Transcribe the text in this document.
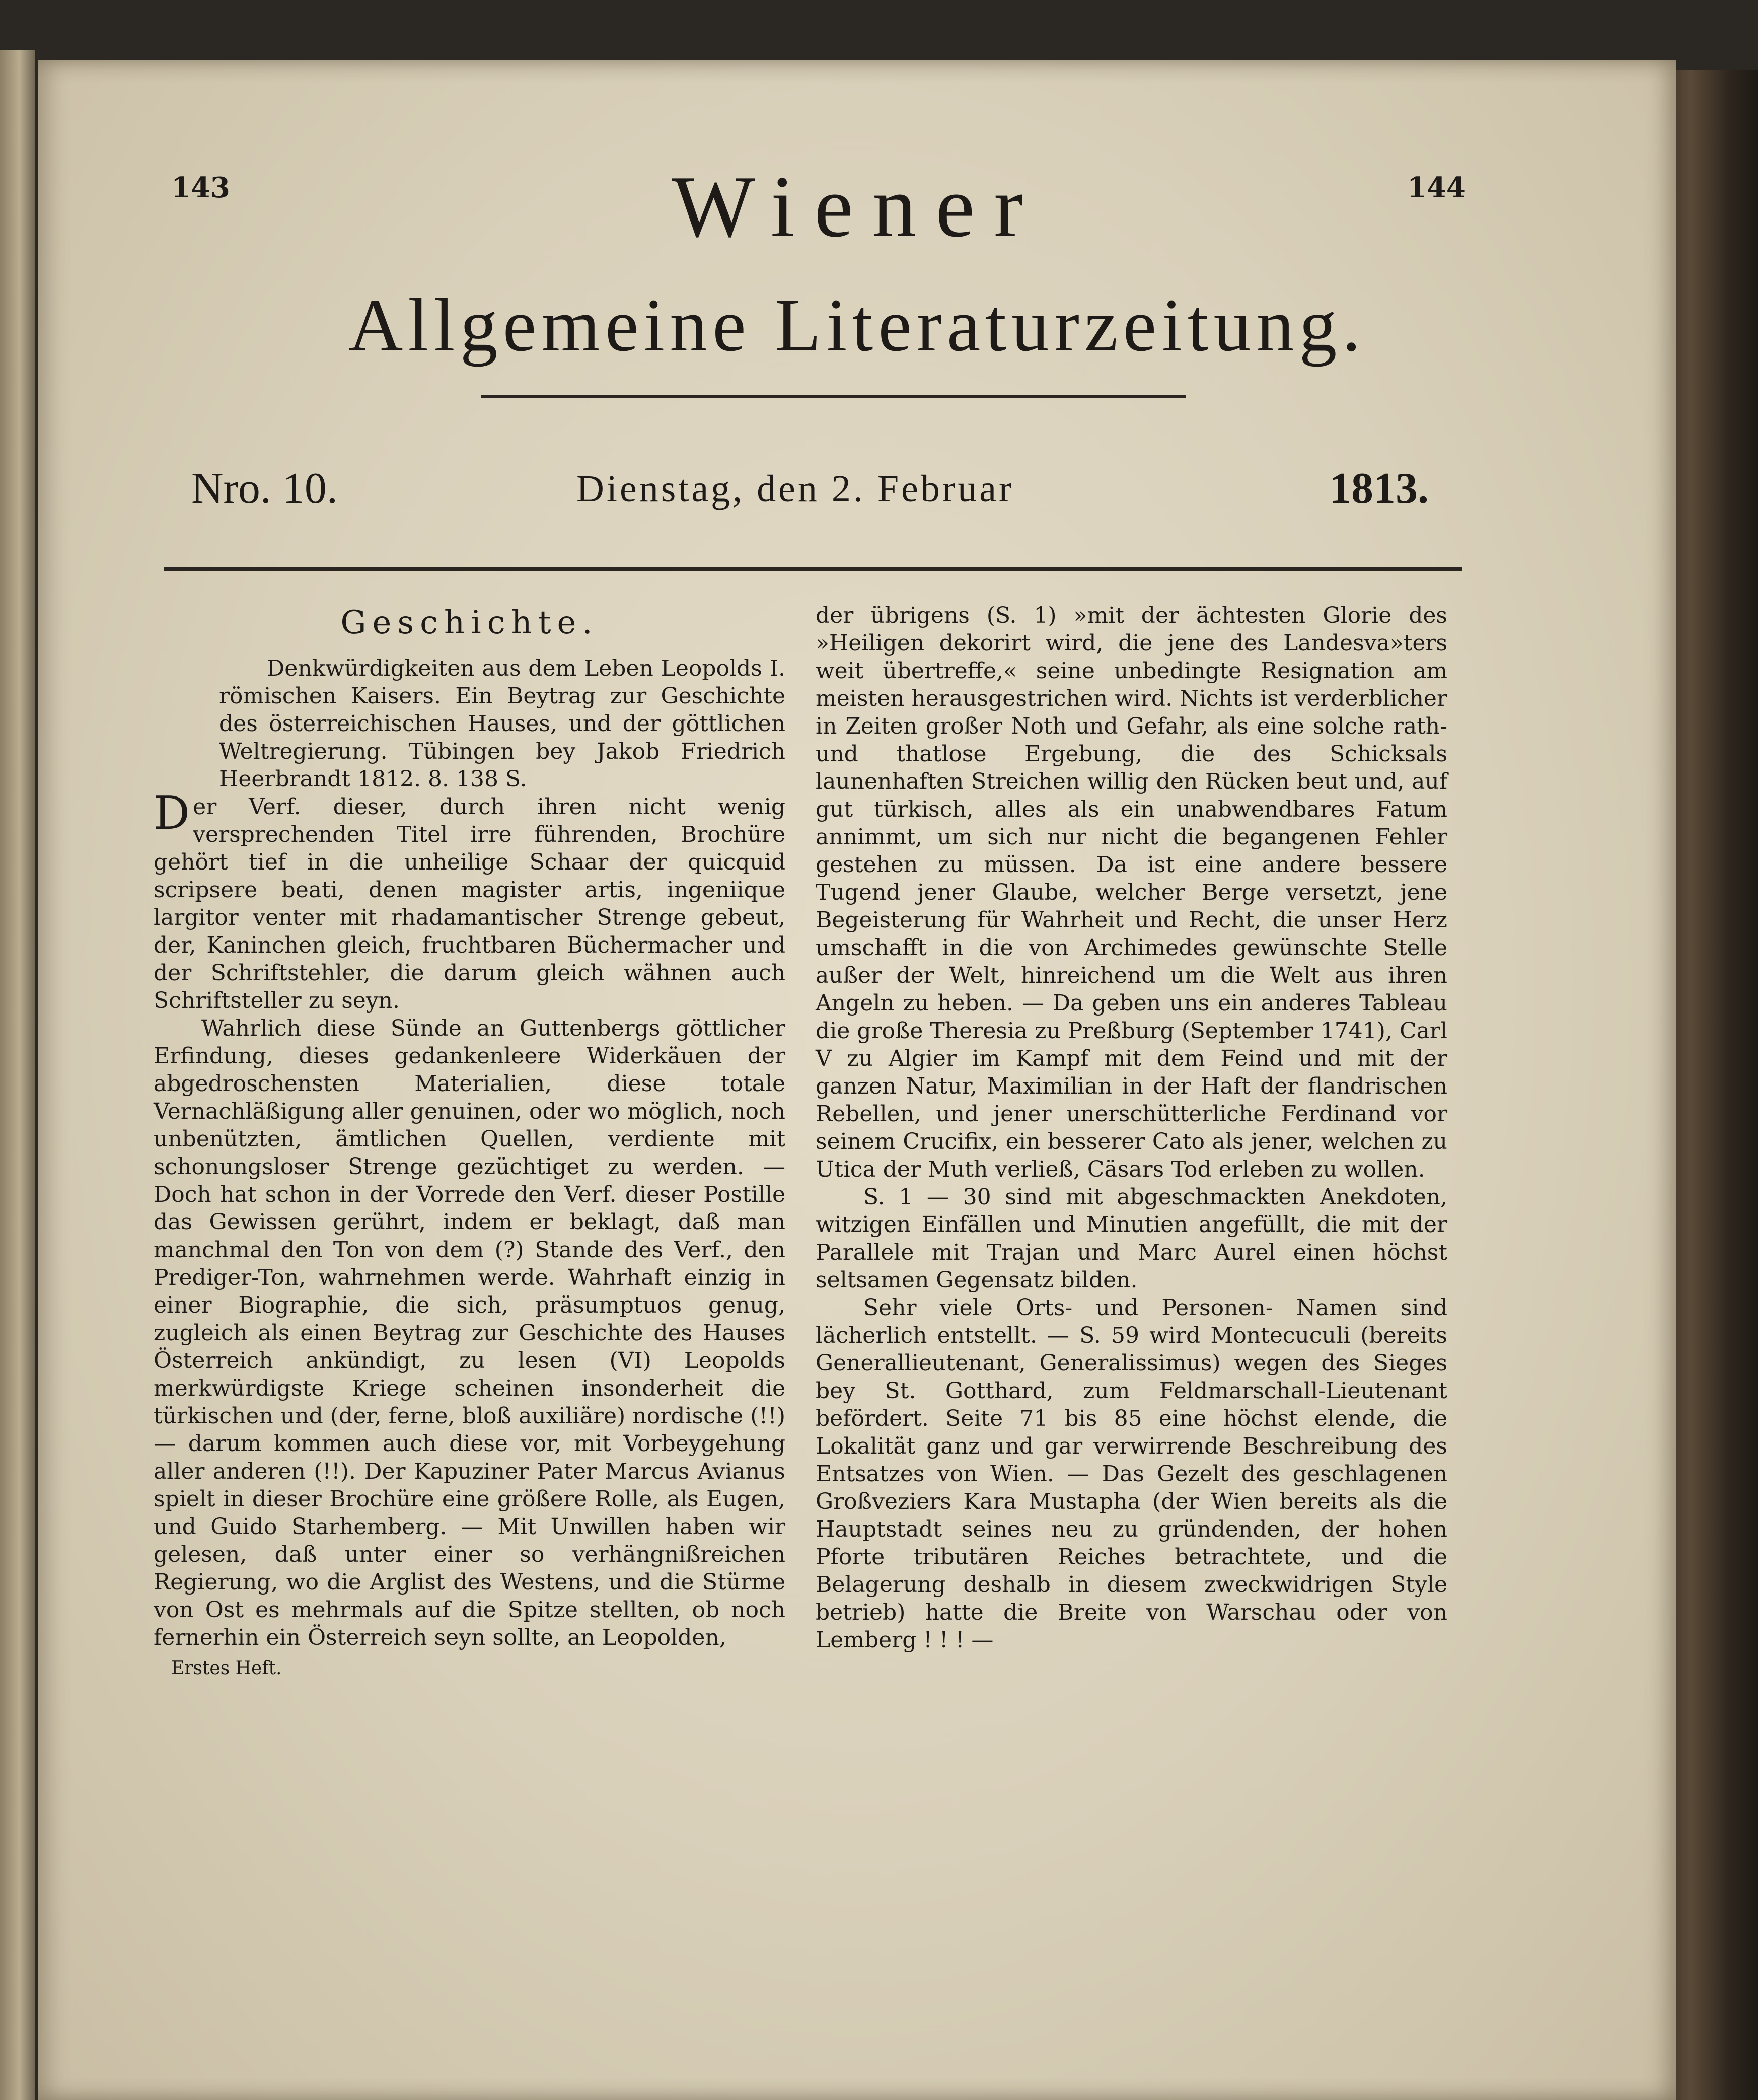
143	144
Wiener
Allgemeine Literaturzeitung.
Nro. 10.	Dienstag, den 2. Februar	1813.
Geschichte.

Denkwürdigkeiten aus dem Leben Leopolds I. römischen Kaisers. Ein Beytrag zur Geschichte des österreichischen Hauses, und der göttlichen Weltregierung. Tübingen bey Jakob Friedrich Heerbrandt 1812. 8. 138 S.

Der Verf. dieser, durch ihren nicht wenig versprechenden Titel irre führenden, Brochüre gehört tief in die unheilige Schaar der quicquid scripsere beati, denen magister artis, ingeniique largitor venter mit rhadamantischer Strenge gebeut, der, Kaninchen gleich, fruchtbaren Büchermacher und der Schriftstehler, die darum gleich wähnen auch Schriftsteller zu seyn.

Wahrlich diese Sünde an Guttenbergs göttlicher Erfindung, dieses gedankenleere Widerkäuen der abgedroschensten Materialien, diese totale Vernachläßigung aller genuinen, oder wo möglich, noch unbenützten, ämtlichen Quellen, verdiente mit schonungsloser Strenge gezüchtiget zu werden. — Doch hat schon in der Vorrede den Verf. dieser Postille das Gewissen gerührt, indem er beklagt, daß man manchmal den Ton von dem (?) Stande des Verf., den Prediger-Ton, wahrnehmen werde. Wahrhaft einzig in einer Biographie, die sich, präsumptuos genug, zugleich als einen Beytrag zur Geschichte des Hauses Österreich ankündigt, zu lesen (VI) Leopolds merkwürdigste Kriege scheinen insonderheit die türkischen und (der, ferne, bloß auxiliäre) nordische (!!) — darum kommen auch diese vor, mit Vorbeygehung aller anderen (!!). Der Kapuziner Pater Marcus Avianus spielt in dieser Brochüre eine größere Rolle, als Eugen, und Guido Starhemberg. — Mit Unwillen haben wir gelesen, daß unter einer so verhängnißreichen Regierung, wo die Arglist des Westens, und die Stürme von Ost es mehrmals auf die Spitze stellten, ob noch fernerhin ein Österreich seyn sollte, an Leopolden,

Erstes Heft.

der übrigens (S. 1) »mit der ächtesten Glorie des »Heiligen dekorirt wird, die jene des Landesva»ters weit übertreffe,« seine unbedingte Resignation am meisten herausgestrichen wird. Nichts ist verderblicher in Zeiten großer Noth und Gefahr, als eine solche rath- und thatlose Ergebung, die des Schicksals launenhaften Streichen willig den Rücken beut und, auf gut türkisch, alles als ein unabwendbares Fatum annimmt, um sich nur nicht die begangenen Fehler gestehen zu müssen. Da ist eine andere bessere Tugend jener Glaube, welcher Berge versetzt, jene Begeisterung für Wahrheit und Recht, die unser Herz umschafft in die von Archimedes gewünschte Stelle außer der Welt, hinreichend um die Welt aus ihren Angeln zu heben. — Da geben uns ein anderes Tableau die große Theresia zu Preßburg (September 1741), Carl V zu Algier im Kampf mit dem Feind und mit der ganzen Natur, Maximilian in der Haft der flandrischen Rebellen, und jener unerschütterliche Ferdinand vor seinem Crucifix, ein besserer Cato als jener, welchen zu Utica der Muth verließ, Cäsars Tod erleben zu wollen.

S. 1 — 30 sind mit abgeschmackten Anekdoten, witzigen Einfällen und Minutien angefüllt, die mit der Parallele mit Trajan und Marc Aurel einen höchst seltsamen Gegensatz bilden.

Sehr viele Orts- und Personen- Namen sind lächerlich entstellt. — S. 59 wird Montecuculi (bereits Generallieutenant, Generalissimus) wegen des Sieges bey St. Gotthard, zum Feldmarschall-Lieutenant befördert. Seite 71 bis 85 eine höchst elende, die Lokalität ganz und gar verwirrende Beschreibung des Entsatzes von Wien. — Das Gezelt des geschlagenen Großveziers Kara Mustapha (der Wien bereits als die Hauptstadt seines neu zu gründenden, der hohen Pforte tributären Reiches betrachtete, und die Belagerung deshalb in diesem zweckwidrigen Style betrieb) hatte die Breite von Warschau oder von Lemberg ! ! ! —
